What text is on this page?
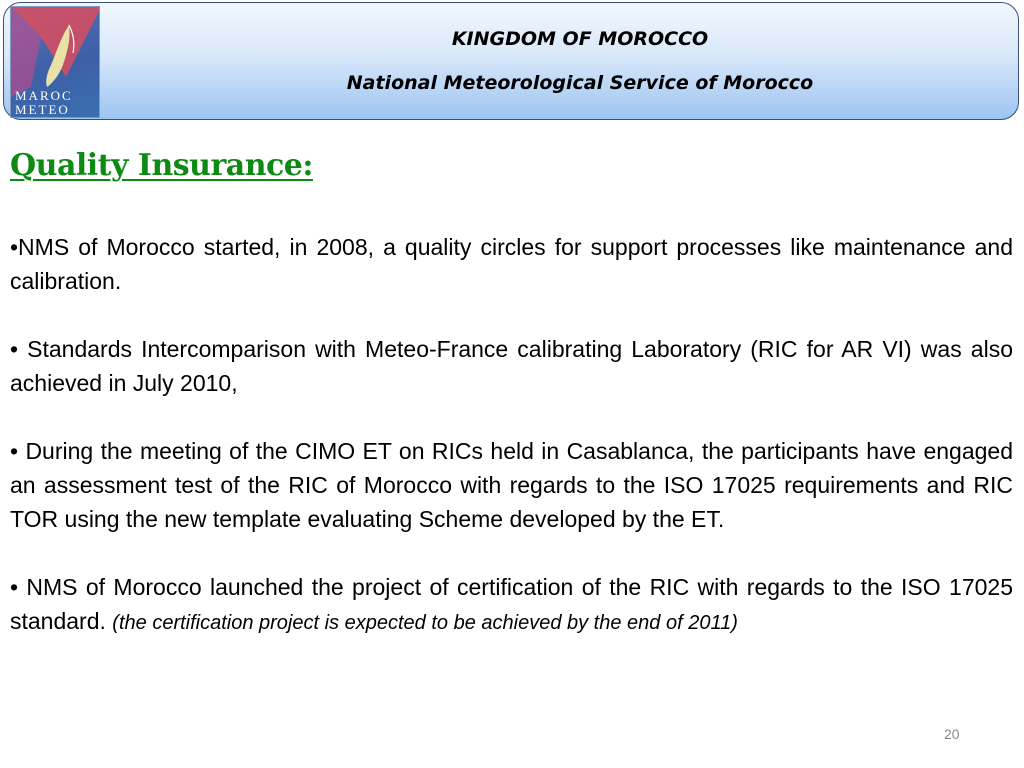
MAROC
METEO
KINGDOM OF MOROCCO
National Meteorological Service of Morocco
Quality Insurance:

•NMS of Morocco started, in 2008, a quality circles for support processes like maintenance and calibration.

• Standards Intercomparison with Meteo-France calibrating Laboratory (RIC for AR VI) was also achieved in July 2010,

• During the meeting of the CIMO ET on RICs held in Casablanca, the participants have engaged an assessment test of the RIC of Morocco with regards to the ISO 17025 requirements and RIC TOR using the new template evaluating Scheme developed by the ET.

• NMS of Morocco launched the project of certification of the RIC with regards to the ISO 17025 standard. (the certification project is expected to be achieved by the end of 2011)

20
